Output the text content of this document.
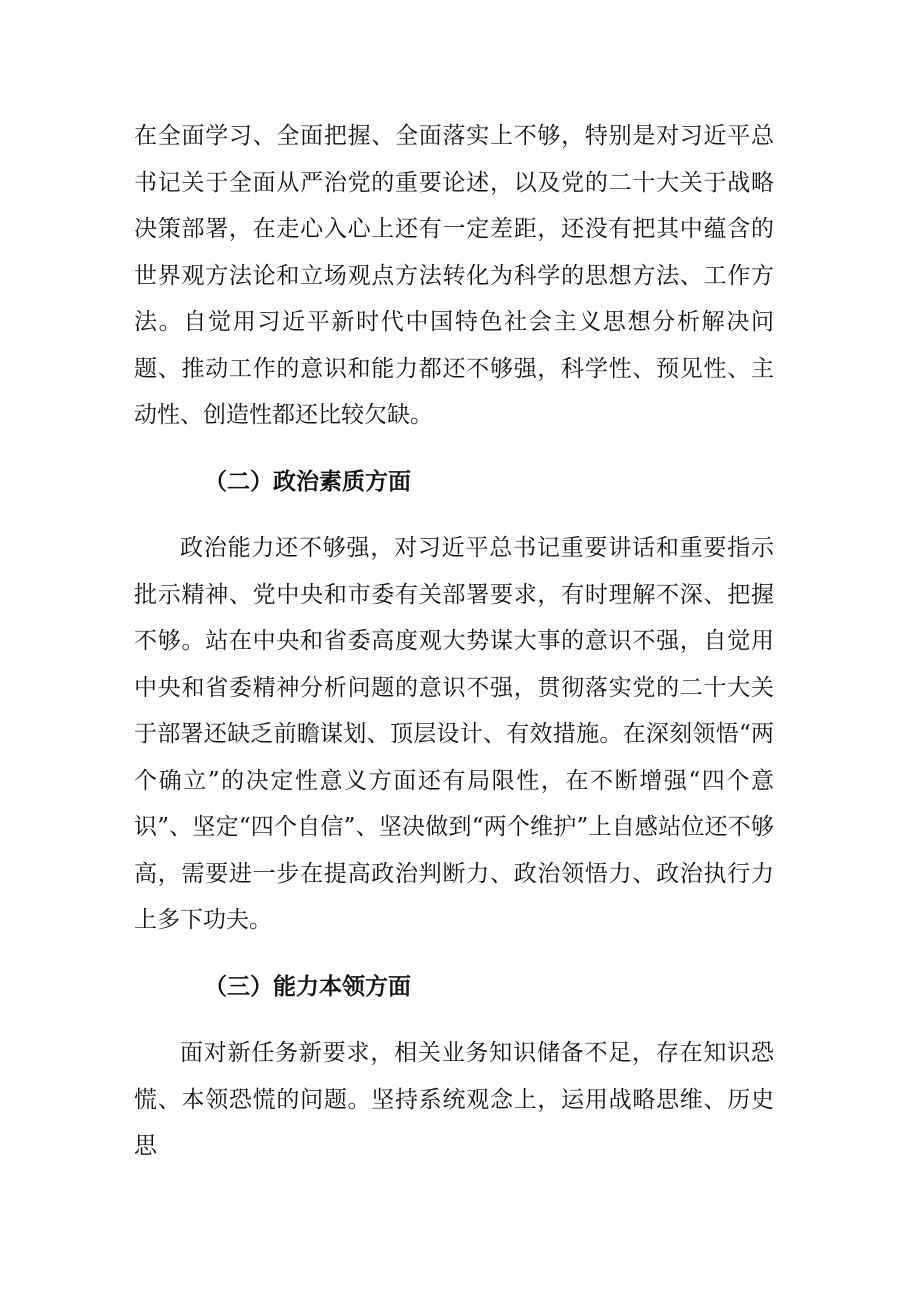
在全面学习、全面把握、全面落实上不够，特别是对习近平总书记关于全面从严治党的重要论述，以及党的二十大关于战略决策部署，在走心入心上还有一定差距，还没有把其中蕴含的世界观方法论和立场观点方法转化为科学的思想方法、工作方法。自觉用习近平新时代中国特色社会主义思想分析解决问题、推动工作的意识和能力都还不够强，科学性、预见性、主动性、创造性都还比较欠缺。

（二）政治素质方面

政治能力还不够强，对习近平总书记重要讲话和重要指示批示精神、党中央和市委有关部署要求，有时理解不深、把握不够。站在中央和省委高度观大势谋大事的意识不强，自觉用中央和省委精神分析问题的意识不强，贯彻落实党的二十大关于部署还缺乏前瞻谋划、顶层设计、有效措施。在深刻领悟“两个确立”的决定性意义方面还有局限性，在不断增强“四个意识”、坚定“四个自信”、坚决做到“两个维护”上自感站位还不够高，需要进一步在提高政治判断力、政治领悟力、政治执行力上多下功夫。

（三）能力本领方面

面对新任务新要求，相关业务知识储备不足，存在知识恐慌、本领恐慌的问题。坚持系统观念上，运用战略思维、历史思
